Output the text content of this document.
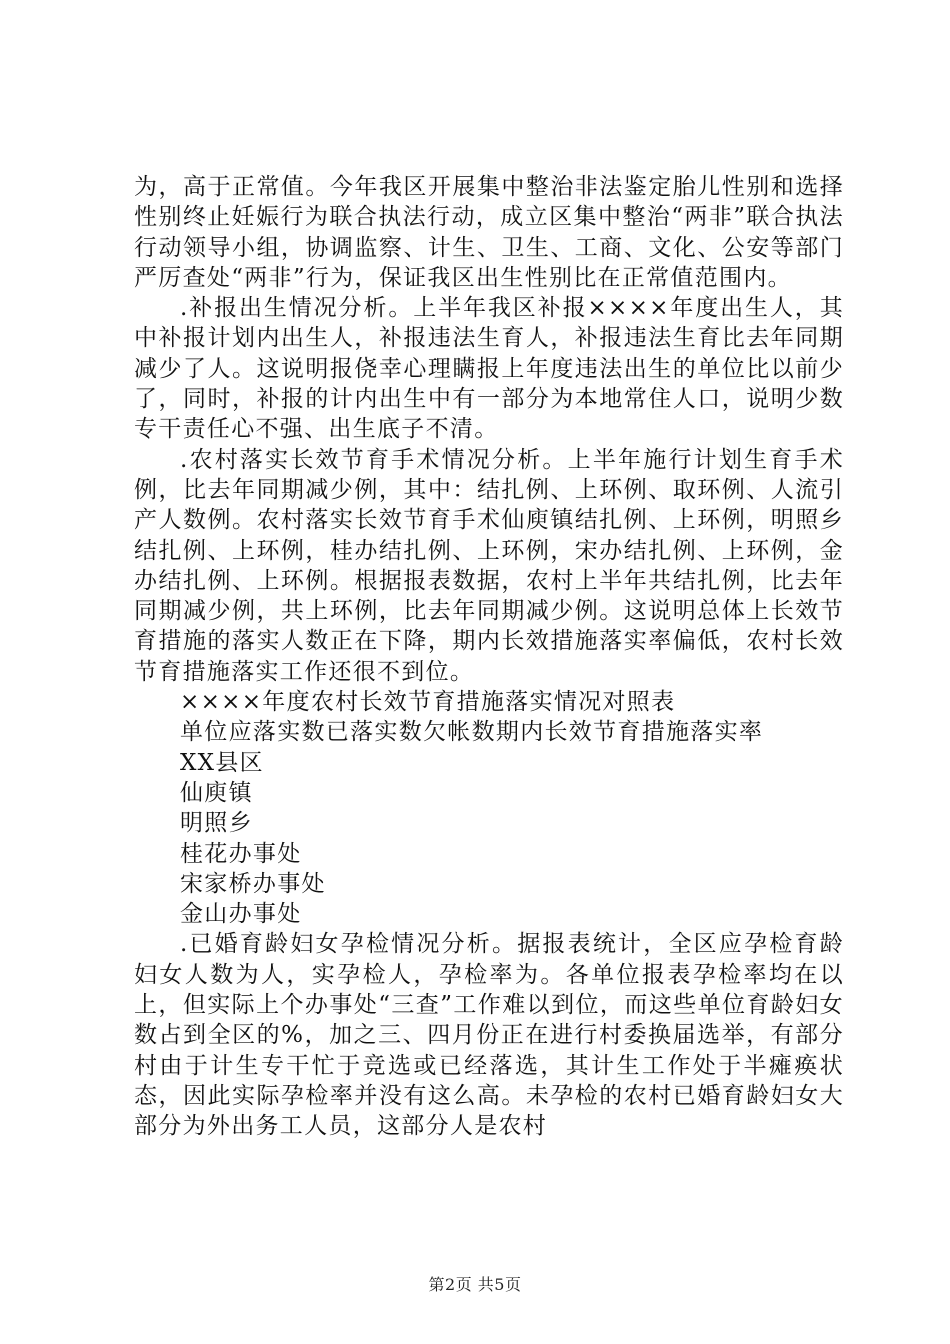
为，高于正常值。今年我区开展集中整治非法鉴定胎儿性别和选择性别终止妊娠行为联合执法行动，成立区集中整治“两非”联合执法行动领导小组，协调监察、计生、卫生、工商、文化、公安等部门严厉查处“两非”行为，保证我区出生性别比在正常值范围内。

.补报出生情况分析。上半年我区补报××××年度出生人，其中补报计划内出生人，补报违法生育人，补报违法生育比去年同期减少了人。这说明报侥幸心理瞒报上年度违法出生的单位比以前少了，同时，补报的计内出生中有一部分为本地常住人口，说明少数专干责任心不强、出生底子不清。

.农村落实长效节育手术情况分析。上半年施行计划生育手术例，比去年同期减少例，其中：结扎例、上环例、取环例、人流引产人数例。农村落实长效节育手术仙庾镇结扎例、上环例，明照乡结扎例、上环例，桂办结扎例、上环例，宋办结扎例、上环例，金办结扎例、上环例。根据报表数据，农村上半年共结扎例，比去年同期减少例，共上环例，比去年同期减少例。这说明总体上长效节育措施的落实人数正在下降，期内长效措施落实率偏低，农村长效节育措施落实工作还很不到位。

××××年度农村长效节育措施落实情况对照表
单位应落实数已落实数欠帐数期内长效节育措施落实率
XX县区
仙庾镇
明照乡
桂花办事处
宋家桥办事处
金山办事处

.已婚育龄妇女孕检情况分析。据报表统计，全区应孕检育龄妇女人数为人，实孕检人，孕检率为。各单位报表孕检率均在以上，但实际上个办事处“三查”工作难以到位，而这些单位育龄妇女数占到全区的%，加之三、四月份正在进行村委换届选举，有部分村由于计生专干忙于竞选或已经落选，其计生工作处于半瘫痪状态，因此实际孕检率并没有这么高。未孕检的农村已婚育龄妇女大部分为外出务工人员，这部分人是农村

第2页 共5页
